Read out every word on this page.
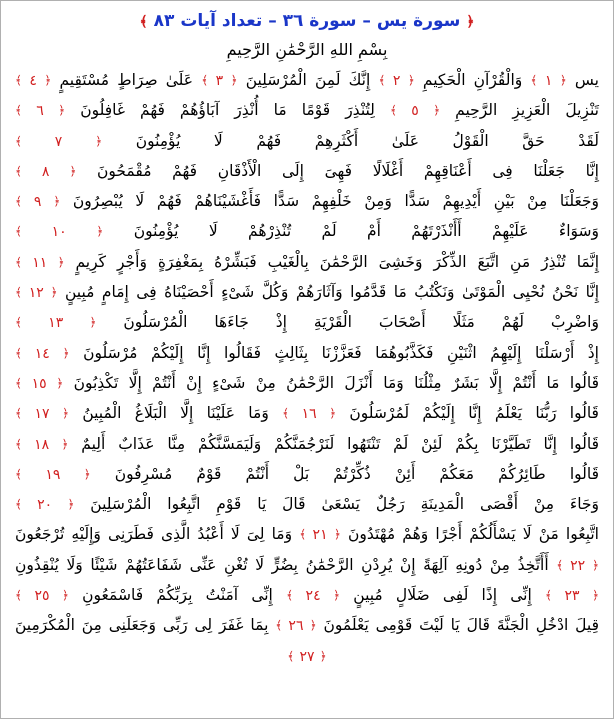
﴿ سورة يس – سورة ٣٦ – تعداد آيات ٨٣ ﴾
بِسْمِ اللهِ الرَّحْمَٰنِ الرَّحِيمِ
يس ﴿ ١ ﴾ وَالْقُرْآنِ الْحَكِيمِ ﴿ ٢ ﴾ إِنَّكَ لَمِنَ الْمُرْسَلِينَ ﴿ ٣ ﴾ عَلَىٰ صِرَاطٍ مُسْتَقِيمٍ ﴿ ٤ ﴾ تَنْزِيلَ الْعَزِيزِ الرَّحِيمِ ﴿ ٥ ﴾ لِتُنْذِرَ قَوْمًا مَا أُنْذِرَ آبَاؤُهُمْ فَهُمْ غَافِلُونَ ﴿ ٦ ﴾ لَقَدْ حَقَّ الْقَوْلُ عَلَىٰ أَكْثَرِهِمْ فَهُمْ لَا يُؤْمِنُونَ ﴿ ٧ ﴾ إِنَّا جَعَلْنَا فِى أَعْنَاقِهِمْ أَغْلَالًا فَهِىَ إِلَى الْأَذْقَانِ فَهُمْ مُقْمَحُونَ ﴿ ٨ ﴾ وَجَعَلْنَا مِنْ بَيْنِ أَيْدِيهِمْ سَدًّا وَمِنْ خَلْفِهِمْ سَدًّا فَأَغْشَيْنَاهُمْ فَهُمْ لَا يُبْصِرُونَ ﴿ ٩ ﴾ وَسَوَاءٌ عَلَيْهِمْ أَأَنْذَرْتَهُمْ أَمْ لَمْ تُنْذِرْهُمْ لَا يُؤْمِنُونَ ﴿ ١٠ ﴾ إِنَّمَا تُنْذِرُ مَنِ اتَّبَعَ الذِّكْرَ وَخَشِىَ الرَّحْمَٰنَ بِالْغَيْبِ فَبَشِّرْهُ بِمَغْفِرَةٍ وَأَجْرٍ كَرِيمٍ ﴿ ١١ ﴾ إِنَّا نَحْنُ نُحْيِى الْمَوْتَىٰ وَنَكْتُبُ مَا قَدَّمُوا وَآثَارَهُمْ وَكُلَّ شَىْءٍ أَحْصَيْنَاهُ فِى إِمَامٍ مُبِينٍ ﴿ ١٢ ﴾ وَاضْرِبْ لَهُمْ مَثَلًا أَصْحَابَ الْقَرْيَةِ إِذْ جَاءَهَا الْمُرْسَلُونَ ﴿ ١٣ ﴾ إِذْ أَرْسَلْنَا إِلَيْهِمُ اثْنَيْنِ فَكَذَّبُوهُمَا فَعَزَّزْنَا بِثَالِثٍ فَقَالُوا إِنَّا إِلَيْكُمْ مُرْسَلُونَ ﴿ ١٤ ﴾ قَالُوا مَا أَنْتُمْ إِلَّا بَشَرٌ مِثْلُنَا وَمَا أَنْزَلَ الرَّحْمَٰنُ مِنْ شَىْءٍ إِنْ أَنْتُمْ إِلَّا تَكْذِبُونَ ﴿ ١٥ ﴾ قَالُوا رَبُّنَا يَعْلَمُ إِنَّا إِلَيْكُمْ لَمُرْسَلُونَ ﴿ ١٦ ﴾ وَمَا عَلَيْنَا إِلَّا الْبَلَاغُ الْمُبِينُ ﴿ ١٧ ﴾ قَالُوا إِنَّا تَطَيَّرْنَا بِكُمْ لَئِنْ لَمْ تَنْتَهُوا لَنَرْجُمَنَّكُمْ وَلَيَمَسَّنَّكُمْ مِنَّا عَذَابٌ أَلِيمٌ ﴿ ١٨ ﴾ قَالُوا طَائِرُكُمْ مَعَكُمْ أَئِنْ ذُكِّرْتُمْ بَلْ أَنْتُمْ قَوْمٌ مُسْرِفُونَ ﴿ ١٩ ﴾ وَجَاءَ مِنْ أَقْصَى الْمَدِينَةِ رَجُلٌ يَسْعَىٰ قَالَ يَا قَوْمِ اتَّبِعُوا الْمُرْسَلِينَ ﴿ ٢٠ ﴾ اتَّبِعُوا مَنْ لَا يَسْأَلُكُمْ أَجْرًا وَهُمْ مُهْتَدُونَ ﴿ ٢١ ﴾ وَمَا لِىَ لَا أَعْبُدُ الَّذِى فَطَرَنِى وَإِلَيْهِ تُرْجَعُونَ ﴿ ٢٢ ﴾ أَأَتَّخِذُ مِنْ دُونِهِ آلِهَةً إِنْ يُرِدْنِ الرَّحْمَٰنُ بِضُرٍّ لَا تُغْنِ عَنِّى شَفَاعَتُهُمْ شَيْئًا وَلَا يُنْقِذُونِ ﴿ ٢٣ ﴾ إِنِّى إِذًا لَفِى ضَلَالٍ مُبِينٍ ﴿ ٢٤ ﴾ إِنِّى آمَنْتُ بِرَبِّكُمْ فَاسْمَعُونِ ﴿ ٢٥ ﴾ قِيلَ ادْخُلِ الْجَنَّةَ قَالَ يَا لَيْتَ قَوْمِى يَعْلَمُونَ ﴿ ٢٦ ﴾ بِمَا غَفَرَ لِى رَبِّى وَجَعَلَنِى مِنَ الْمُكْرَمِينَ ﴿ ٢٧ ﴾
